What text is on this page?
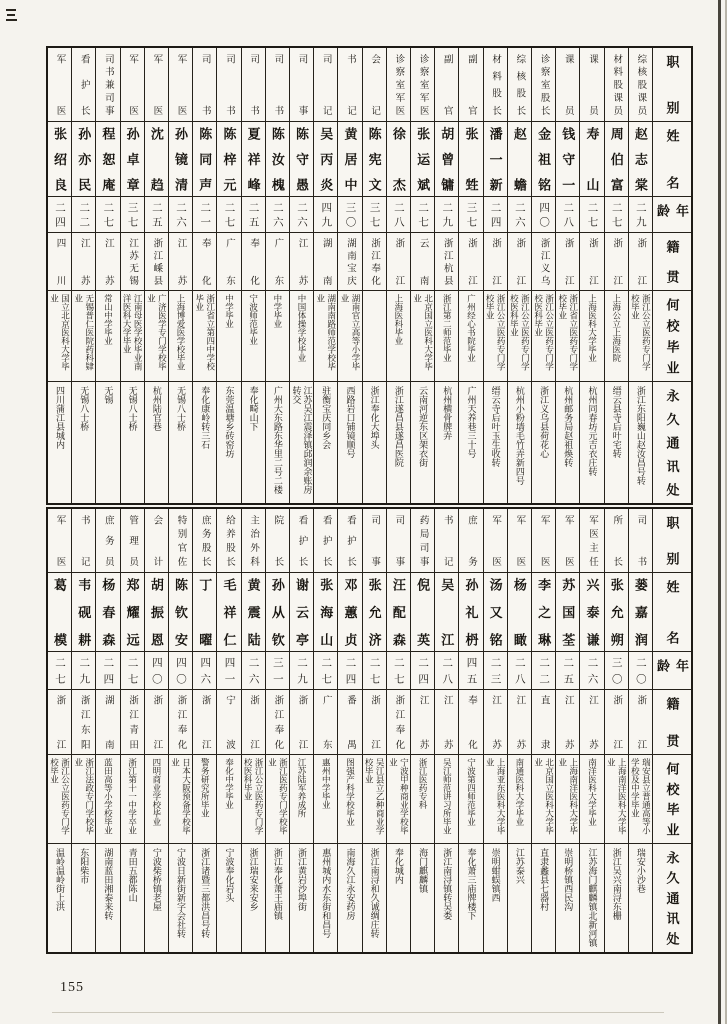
职别
姓名
年龄
籍贯
何校毕业
永久通讯处
综核股课员
赵志棠
二九
浙江
浙江公立医药专门学校毕业
浙江东阳巍山赵汝昌号转
材料股课员
周伯富
二七
浙江
上海公立上海医院
缙云县寺后叶宅转
课员
寿山
二七
浙江
上海医科大学毕业
杭州同春坊元吉衣庄转
课员
钱守一
二八
浙江
浙江省立医药专门学校毕业
杭州邮务局赵祖焕转
诊察室股长
金祖铭
四〇
浙江义乌
浙江公立医药专门学校医科毕业
浙江义乌县荷花心
综核股长
赵蟾
二六
浙江
浙江公立医药专门学校医科毕业
杭州小粉墙毛竹弄新四号
材料股长
潘一新
二四
浙江
浙江公立医药专门学校毕业
缙云寺后叶玉生收转
副官
张甡
三七
浙江
广州经心书院毕业
广州天养巷三十号
副官
胡曾镛
二九
浙江杭县
浙江第二师范毕业
杭州横骨牌弄
诊察室军医
张运斌
二七
云南
北京国立医科大学毕业
云南河逆东区架衣街
诊察室军医
徐杰
二八
浙江
上海医科毕业
浙江遂昌县遂昌医院
会记
陈宪文
三七
浙江奉化
浙江奉化大埠头
书记
黄居中
三〇
湖南宝庆
湖南官立高等小学毕业
西路岩口铺镜顺号
司记
吴丙炎
四九
湖南
湖南南路师范学校毕业
驻衡宝庆同乡会
司事
陈守愚
二六
江苏
中国体操学校毕业
江苏吴江震泽镇邱润余账房转交
司书
陈汝槐
二六
广东
中学毕业
广州大东路东华里二号二楼
司书
夏祥峰
二五
奉化
宁波师范毕业
奉化畸山下
司书
陈梓元
二七
广东
中学毕业
东莞温塘乡砖窑坊
司书
陈同声
二一
奉化
浙江省立第四中学校毕业
奉化康岭转三石
军医
孙镜清
二六
江苏
上海博爱医学校毕业
无锡八士桥
军医
沈趋
二五
浙江嵊县
广济医学专门学校毕业
杭州陆官巷
军医
孙卓章
三七
江苏无锡
江南母医学校毕业南洋医科大学毕业
无锡八士桥
司书兼司事
程恕庵
二七
江苏
常山中学毕业
无锡
看护长
孙亦民
二二
江苏
无锡普仁医院药科肄业
无锡八士桥
军医
张绍良
二四
四川
国立北京医科大学毕业
四川蒲江县城内
职别
姓名
年龄
籍贯
何校毕业
永久通讯处
司书
蒌嘉润
二〇
浙江
瑞安县立普通高等小学校及中学毕业
瑞安小沙巷
所长
张允朔
三〇
浙江
上海南洋医科大学毕业
浙江吴兴南浔东栅
军医主任
兴泰谦
二六
江苏
南洋医科大学毕业
江苏海门麒麟镇北新河镇
军医
苏国荃
二五
江苏
上海南洋医科大学毕业
崇明桥镇西民沟
军医
李之琳
二二
直隶
北京国立医科大学毕业
直隶蠡县七器村
军医
杨瞰
二八
江苏
南通医科大学毕业
江苏泰兴
军医
汤又铭
二三
江苏
上海亚东医科大学毕业
崇明蚶蜈镇西
庶务
孙礼枬
四五
奉化
宁波第四师范毕业
奉化萧三庙牌楼下
书记
吴江
二八
江苏
吴江师范讲习所毕业
浙江南浔镇转吴娄
药局司事
倪英
二四
江苏
浙江医药专科
海门麒麟镇
司事
汪配森
二七
浙江奉化
宁波甲种商业学校毕业
奉化城内
司事
张允济
二七
浙江
吴江县立乙种商业学校毕业
浙江南浔和久诚绸庄转
看护长
邓蕙贞
二四
番禺
图强产科学校毕业
南海久江永安药房
看护长
张海山
二七
广东
惠州中学毕业
惠州城内水东街和昌号
看护长
谢云亭
二九
浙江
江苏陆军养成所
浙江黄岩沙埠街
院长
孙从钦
三一
浙江奉化
浙江医药专门学校毕业
浙江奉化萧王庙镇
主治外科
黄震陆
二六
浙江
浙江公立医药专门学校医科毕业
浙江瑞安来安乡
给养股长
毛祥仁
四一
宁波
奉化中学毕业
宁波奉化岩头
庶务股长
丁曜
四六
浙江
警务研究所毕业
浙江诸暨三都洪昌号转
特别官佐
陈钦安
四〇
浙江奉化
日本大阪预备学校毕业
宁波日新街新字会社转
会计
胡振恩
四〇
浙江
四明商业学校毕业
宁波柴桥镇老屋
管理员
郑耀远
二七
浙江青田
浙江第十一中学卒业
青田五都陈山
庶务员
杨春森
二四
湖南
蓝田高等小学校毕业
湖南蓝田湘泰来转
书记
韦砚耕
二九
浙江东阳
浙江法政专门学校毕业
东阳柴市
军医
葛模
二七
浙江
浙江公立医药专门学校毕业
温岭温岭街上洪
155
